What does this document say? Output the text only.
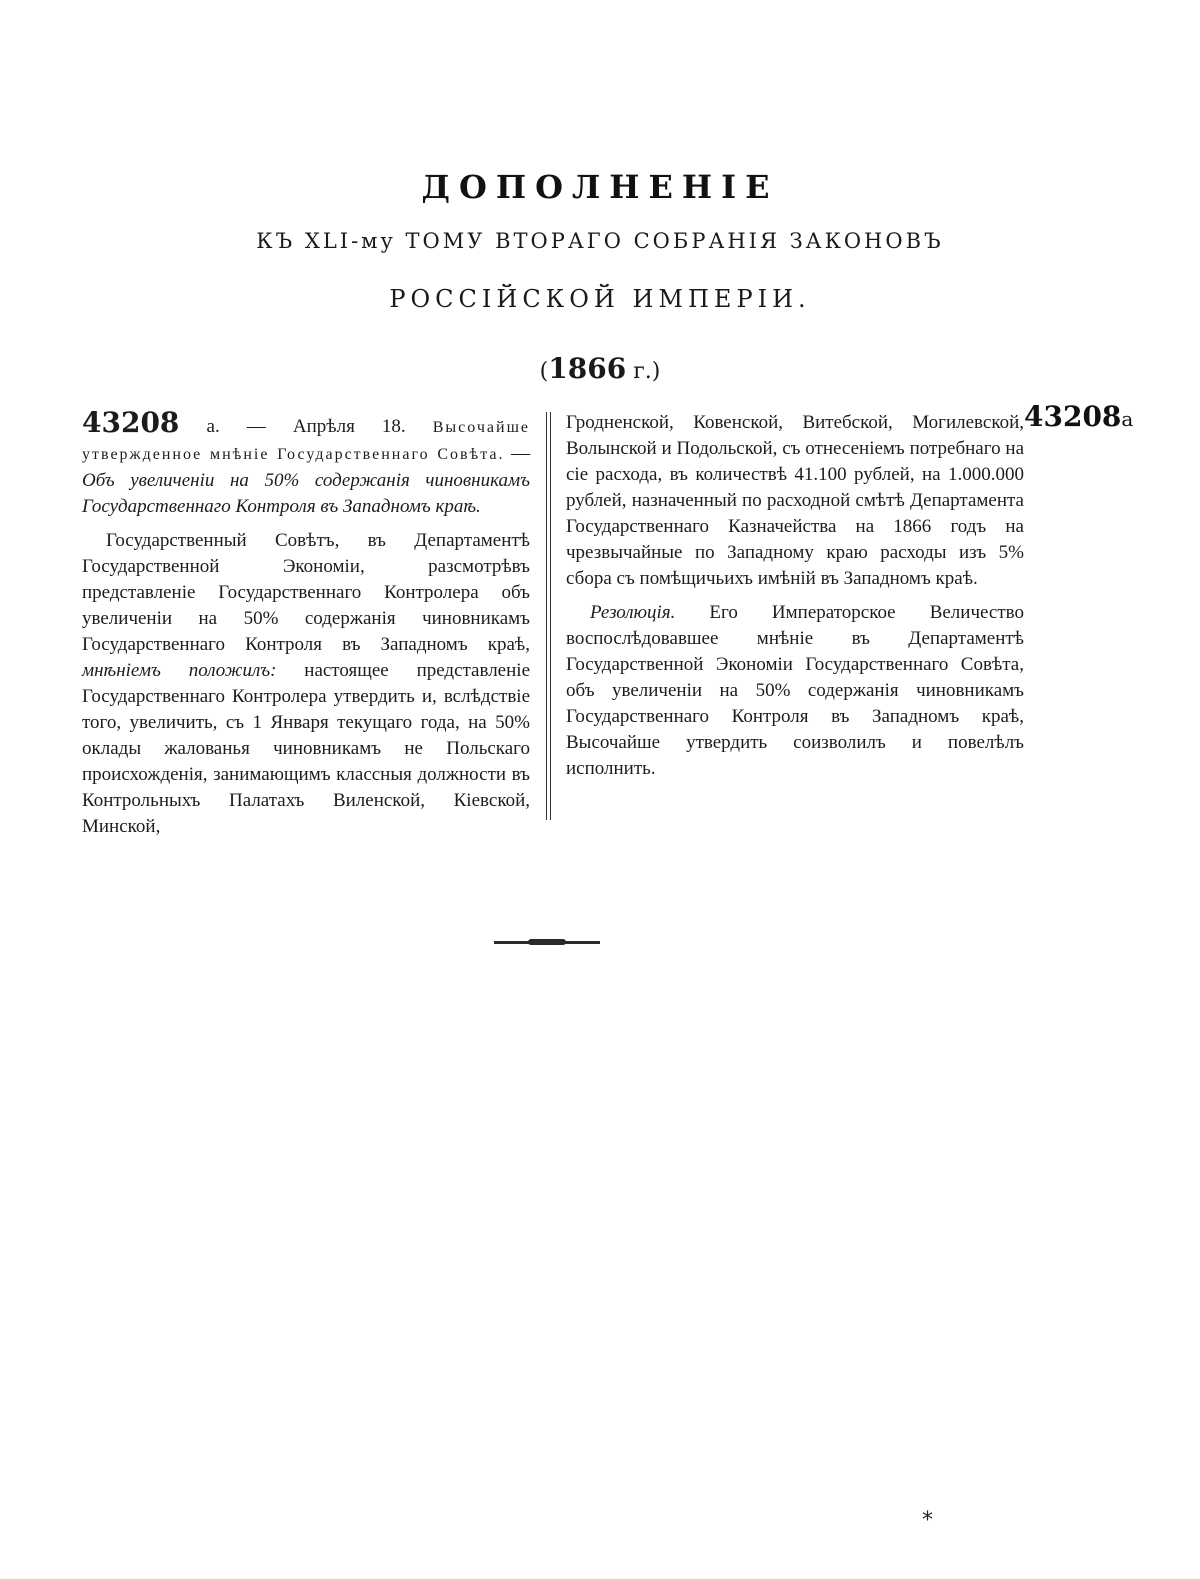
ДОПОЛНЕНІЕ
КЪ XLI-му ТОМУ ВТОРАГО СОБРАНІЯ ЗАКОНОВЪ
РОССІЙСКОЙ ИМПЕРІИ.
(1866 г.)

43208 а. — Апрѣля 18. Высочайше утвержденное мнѣніе Государственнаго Совѣта. — Объ увеличеніи на 50% содержанія чиновникамъ Государственнаго Контроля въ Западномъ краѣ.

Государственный Совѣтъ, въ Департаментѣ Государственной Экономіи, разсмотрѣвъ представленіе Государственнаго Контролера объ увеличеніи на 50% содержанія чиновникамъ Государственнаго Контроля въ Западномъ краѣ, мнѣніемъ положилъ: настоящее представленіе Государственнаго Контролера утвердить и, вслѣдствіе того, увеличить, съ 1 Января текущаго года, на 50% оклады жалованья чиновникамъ не Польскаго происхожденія, занимающимъ классныя должности въ Контрольныхъ Палатахъ Виленской, Кіевской, Минской,

Гродненской, Ковенской, Витебской, Могилевской, Волынской и Подольской, съ отнесеніемъ потребнаго на сіе расхода, въ количествѣ 41.100 рублей, на 1.000.000 рублей, назначенный по расходной смѣтѣ Департамента Государственнаго Казначейства на 1866 годъ на чрезвычайные по Западному краю расходы изъ 5% сбора съ помѣщичьихъ имѣній въ Западномъ краѣ.

Резолюція. Его Императорское Величество воспослѣдовавшее мнѣніе въ Департаментѣ Государственной Экономіи Государственнаго Совѣта, объ увеличеніи на 50% содержанія чиновникамъ Государственнаго Контроля въ Западномъ краѣ, Высочайше утвердить соизволилъ и повелѣлъ исполнить.

43208а
*
